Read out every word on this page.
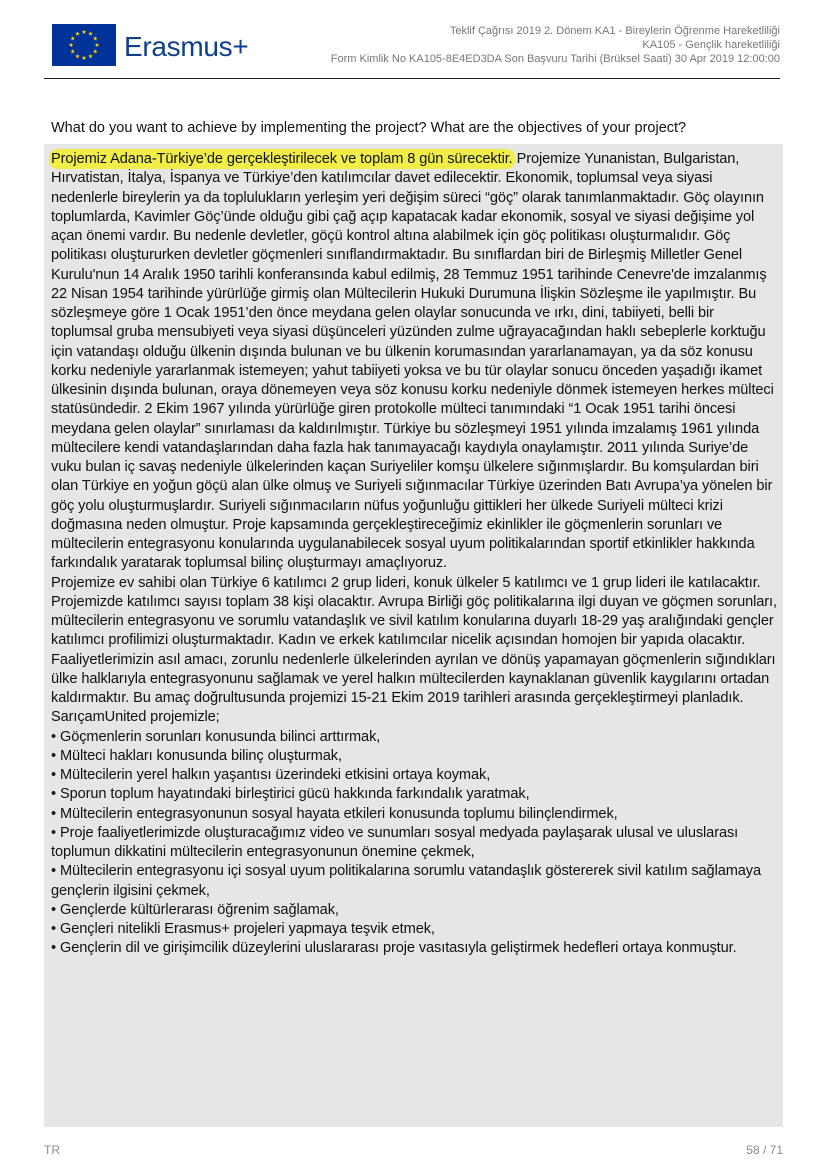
Erasmus+	Teklif Çağrısı 2019 2. Dönem KA1 - Bireylerin Öğrenme Hareketliliği
KA105 - Gençlik hareketliliği
Form Kimlik No KA105-8E4ED3DA Son Başvuru Tarihi (Brüksel Saati) 30 Apr 2019 12:00:00
What do you want to achieve by implementing the project? What are the objectives of your project?

Projemiz Adana-Türkiye’de gerçekleştirilecek ve toplam 8 gün sürecektir. Projemize Yunanistan, Bulgaristan, Hırvatistan, İtalya, İspanya ve Türkiye’den katılımcılar davet edilecektir. Ekonomik, toplumsal veya siyasi nedenlerle bireylerin ya da toplulukların yerleşim yeri değişim süreci “göç” olarak tanımlanmaktadır. Göç olayının toplumlarda, Kavimler Göç’ünde olduğu gibi çağ açıp kapatacak kadar ekonomik, sosyal ve siyasi değişime yol açan önemi vardır. Bu nedenle devletler, göçü kontrol altına alabilmek için göç politikası oluşturmalıdır. Göç politikası oluştururken devletler göçmenleri sınıflandırmaktadır. Bu sınıflardan biri de Birleşmiş Milletler Genel Kurulu'nun 14 Aralık 1950 tarihli konferansında kabul edilmiş, 28 Temmuz 1951 tarihinde Cenevre'de imzalanmış 22 Nisan 1954 tarihinde yürürlüğe girmiş olan Mültecilerin Hukuki Durumuna İlişkin Sözleşme ile yapılmıştır. Bu sözleşmeye göre 1 Ocak 1951’den önce meydana gelen olaylar sonucunda ve ırkı, dini, tabiiyeti, belli bir toplumsal gruba mensubiyeti veya siyasi düşünceleri yüzünden zulme uğrayacağından haklı sebeplerle korktuğu için vatandaşı olduğu ülkenin dışında bulunan ve bu ülkenin korumasından yararlanamayan, ya da söz konusu korku nedeniyle yararlanmak istemeyen; yahut tabiiyeti yoksa ve bu tür olaylar sonucu önceden yaşadığı ikamet ülkesinin dışında bulunan, oraya dönemeyen veya söz konusu korku nedeniyle dönmek istemeyen herkes mülteci statüsündedir. 2 Ekim 1967 yılında yürürlüğe giren protokolle mülteci tanımındaki “1 Ocak 1951 tarihi öncesi meydana gelen olaylar” sınırlaması da kaldırılmıştır. Türkiye bu sözleşmeyi 1951 yılında imzalamış 1961 yılında mültecilere kendi vatandaşlarından daha fazla hak tanımayacağı kaydıyla onaylamıştır. 2011 yılında Suriye’de vuku bulan iç savaş nedeniyle ülkelerinden kaçan Suriyeliler komşu ülkelere sığınmışlardır. Bu komşulardan biri olan Türkiye en yoğun göçü alan ülke olmuş ve Suriyeli sığınmacılar Türkiye üzerinden Batı Avrupa’ya yönelen bir göç yolu oluşturmuşlardır. Suriyeli sığınmacıların nüfus yoğunluğu gittikleri her ülkede Suriyeli mülteci krizi doğmasına neden olmuştur. Proje kapsamında gerçekleştireceğimiz ekinlikler ile göçmenlerin sorunları ve mültecilerin entegrasyonu konularında uygulanabilecek sosyal uyum politikalarından sportif etkinlikler hakkında farkındalık yaratarak toplumsal bilinç oluşturmayı amaçlıyoruz.

Projemize ev sahibi olan Türkiye 6 katılımcı 2 grup lideri, konuk ülkeler 5 katılımcı ve 1 grup lideri ile katılacaktır. Projemizde katılımcı sayısı toplam 38 kişi olacaktır. Avrupa Birliği göç politikalarına ilgi duyan ve göçmen sorunları, mültecilerin entegrasyonu ve sorumlu vatandaşlık ve sivil katılım konularına duyarlı 18-29 yaş aralığındaki gençler katılımcı profilimizi oluşturmaktadır. Kadın ve erkek katılımcılar nicelik açısından homojen bir yapıda olacaktır.

Faaliyetlerimizin asıl amacı, zorunlu nedenlerle ülkelerinden ayrılan ve dönüş yapamayan göçmenlerin sığındıkları ülke halklarıyla entegrasyonunu sağlamak ve yerel halkın mültecilerden kaynaklanan güvenlik kaygılarını ortadan kaldırmaktır. Bu amaç doğrultusunda projemizi 15-21 Ekim 2019 tarihleri arasında gerçekleştirmeyi planladık.

SarıçamUnited projemizle;

• Göçmenlerin sorunları konusunda bilinci arttırmak,

• Mülteci hakları konusunda bilinç oluşturmak,

• Mültecilerin yerel halkın yaşantısı üzerindeki etkisini ortaya koymak,

• Sporun toplum hayatındaki birleştirici gücü hakkında farkındalık yaratmak,

• Mültecilerin entegrasyonunun sosyal hayata etkileri konusunda toplumu bilinçlendirmek,

• Proje faaliyetlerimizde oluşturacağımız video ve sunumları sosyal medyada paylaşarak ulusal ve uluslarası toplumun dikkatini mültecilerin entegrasyonunun önemine çekmek,

• Mültecilerin entegrasyonu içi sosyal uyum politikalarına sorumlu vatandaşlık göstererek sivil katılım sağlamaya gençlerin ilgisini çekmek,

• Gençlerde kültürlerarası öğrenim sağlamak,

• Gençleri nitelikli Erasmus+ projeleri yapmaya teşvik etmek,

• Gençlerin dil ve girişimcilik düzeylerini uluslararası proje vasıtasıyla geliştirmek hedefleri ortaya konmuştur.

TR	58 / 71
